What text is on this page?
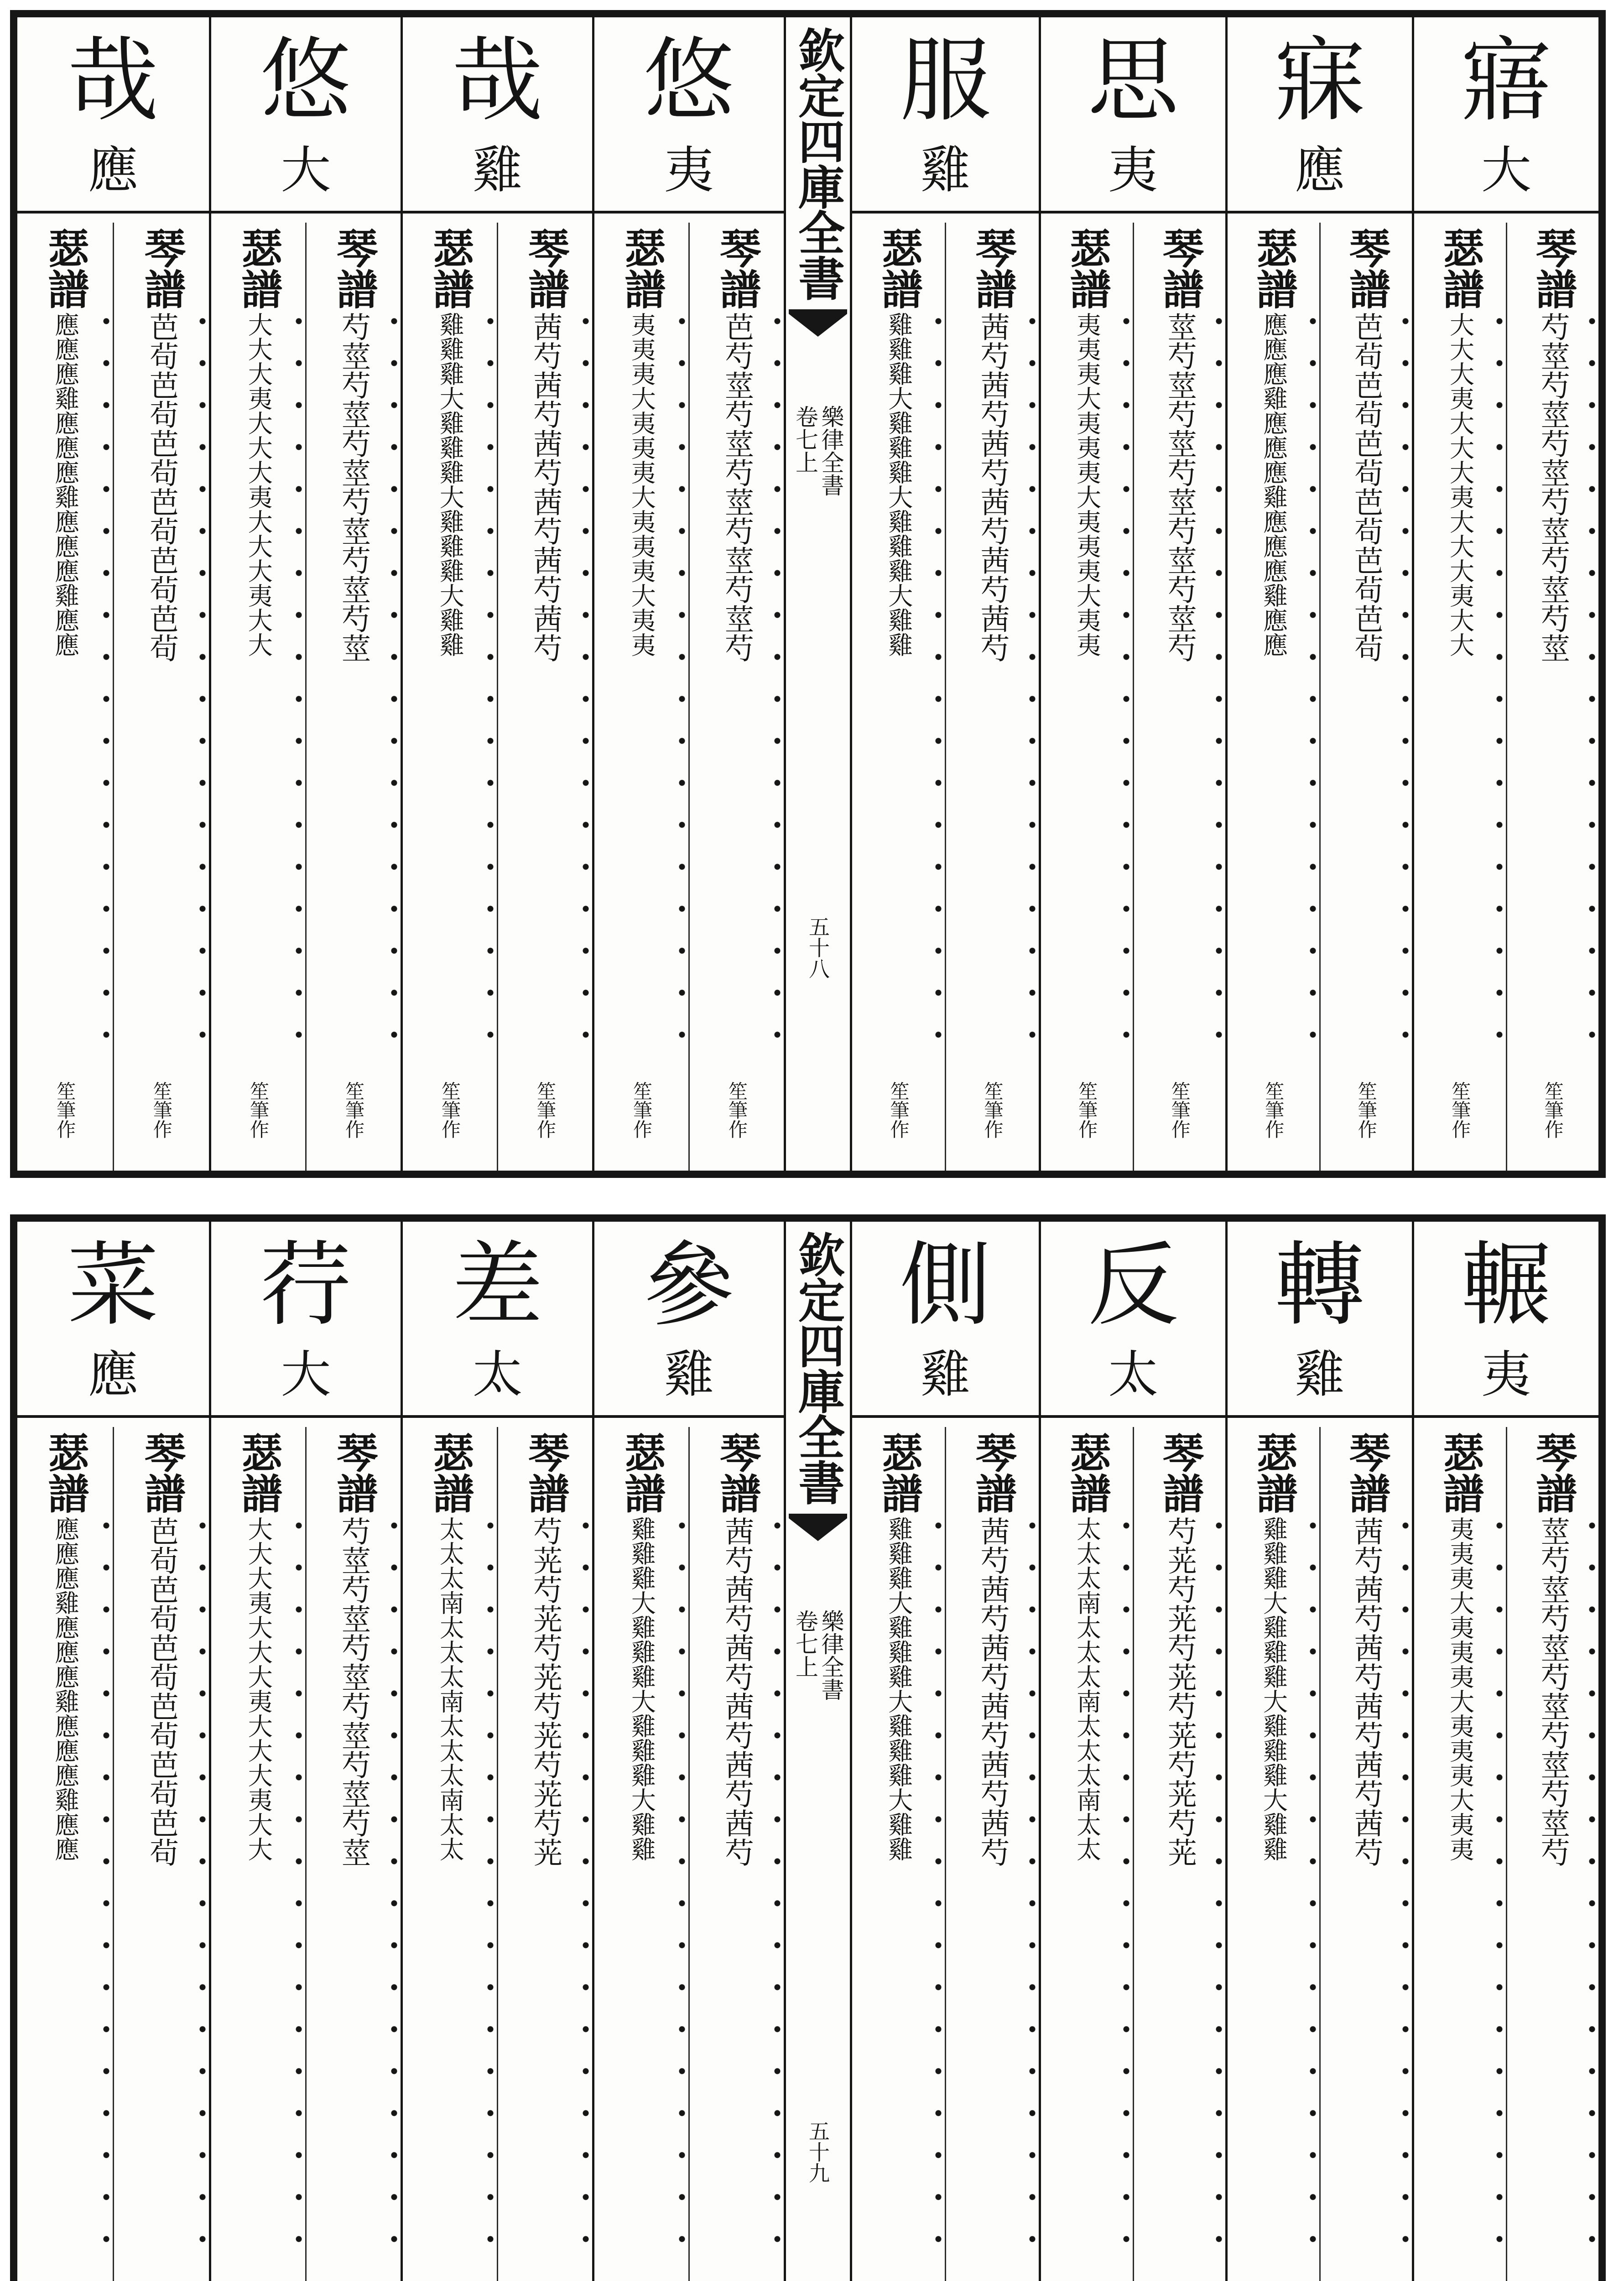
悠
夷
琴譜
芭芍莖芍莖芍莖芍莖芍莖芍
笙筆作
瑟譜
夷夷夷大夷夷夷大夷夷夷大夷夷
笙筆作
哉
雞
琴譜
茜芍茜芍茜芍茜芍茜芍茜芍
笙筆作
瑟譜
雞雞雞大雞雞雞大雞雞雞大雞雞
笙筆作
悠
大
琴譜
芍莖芍莖芍莖芍莖芍莖芍莖
笙筆作
瑟譜
大大大夷大大大夷大大大夷大大
笙筆作
哉
應
琴譜
芭茍芭茍芭茍芭茍芭茍芭茍
笙筆作
瑟譜
應應應雞應應應雞應應應雞應應
笙筆作
欽定四庫全書
樂律全書
卷七上
五十八
寤
大
琴譜
芍莖芍莖芍莖芍莖芍莖芍莖
笙筆作
瑟譜
大大大夷大大大夷大大大夷大大
笙筆作
寐
應
琴譜
芭茍芭茍芭茍芭茍芭茍芭茍
笙筆作
瑟譜
應應應雞應應應雞應應應雞應應
笙筆作
思
夷
琴譜
莖芍莖芍莖芍莖芍莖芍莖芍
笙筆作
瑟譜
夷夷夷大夷夷夷大夷夷夷大夷夷
笙筆作
服
雞
琴譜
茜芍茜芍茜芍茜芍茜芍茜芍
笙筆作
瑟譜
雞雞雞大雞雞雞大雞雞雞大雞雞
笙筆作
參
雞
琴譜
茜芍茜芍茜芍茜芍茜芍茜芍
瑟譜
雞雞雞大雞雞雞大雞雞雞大雞雞
差
太
琴譜
芍茪芍茪芍茪芍茪芍茪芍茪
瑟譜
太太太南太太太南太太太南太太
荇
大
琴譜
芍莖芍莖芍莖芍莖芍莖芍莖
瑟譜
大大大夷大大大夷大大大夷大大
菜
應
琴譜
芭茍芭茍芭茍芭茍芭茍芭茍
瑟譜
應應應雞應應應雞應應應雞應應
欽定四庫全書
樂律全書
卷七上
五十九
輾
夷
琴譜
莖芍莖芍莖芍莖芍莖芍莖芍
瑟譜
夷夷夷大夷夷夷大夷夷夷大夷夷
轉
雞
琴譜
茜芍茜芍茜芍茜芍茜芍茜芍
瑟譜
雞雞雞大雞雞雞大雞雞雞大雞雞
反
太
琴譜
芍茪芍茪芍茪芍茪芍茪芍茪
瑟譜
太太太南太太太南太太太南太太
側
雞
琴譜
茜芍茜芍茜芍茜芍茜芍茜芍
瑟譜
雞雞雞大雞雞雞大雞雞雞大雞雞
